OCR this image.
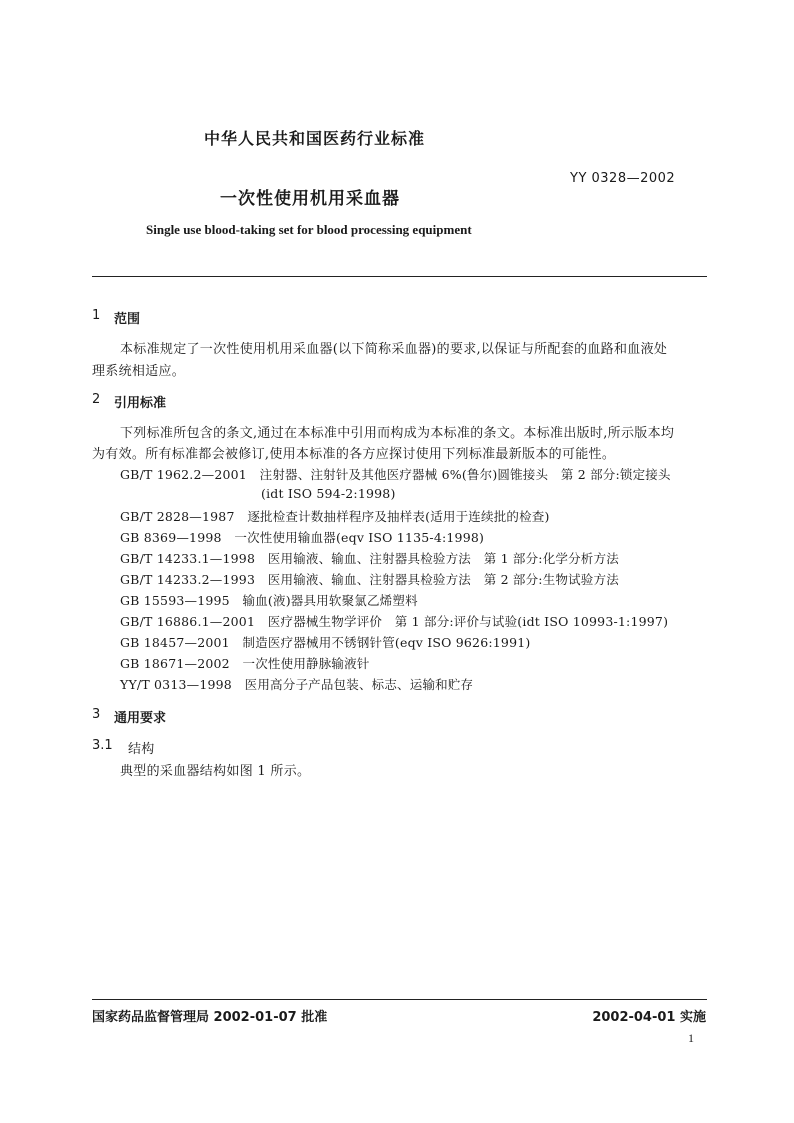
中华人民共和国医药行业标准
YY 0328—2002
一次性使用机用采血器
Single use blood-taking set for blood processing equipment
1 范围
本标准规定了一次性使用机用采血器(以下简称采血器)的要求,以保证与所配套的血路和血液处
理系统相适应。
2 引用标准
下列标准所包含的条文,通过在本标准中引用而构成为本标准的条文。本标准出版时,所示版本均
为有效。所有标准都会被修订,使用本标准的各方应探讨使用下列标准最新版本的可能性。
GB/T 1962.2—2001　注射器、注射针及其他医疗器械 6%(鲁尔)圆锥接头　第 2 部分:锁定接头
(idt ISO 594-2:1998)
GB/T 2828—1987　逐批检查计数抽样程序及抽样表(适用于连续批的检查)
GB 8369—1998　一次性使用输血器(eqv ISO 1135-4:1998)
GB/T 14233.1—1998　医用输液、输血、注射器具检验方法　第 1 部分:化学分析方法
GB/T 14233.2—1993　医用输液、输血、注射器具检验方法　第 2 部分:生物试验方法
GB 15593—1995　输血(液)器具用软聚氯乙烯塑料
GB/T 16886.1—2001　医疗器械生物学评价　第 1 部分:评价与试验(idt ISO 10993-1:1997)
GB 18457—2001　制造医疗器械用不锈钢针管(eqv ISO 9626:1991)
GB 18671—2002　一次性使用静脉输液针
YY/T 0313—1998　医用高分子产品包装、标志、运输和贮存
3 通用要求
3.1 结构
典型的采血器结构如图 1 所示。
国家药品监督管理局 2002-01-07 批准	2002-04-01 实施
1
